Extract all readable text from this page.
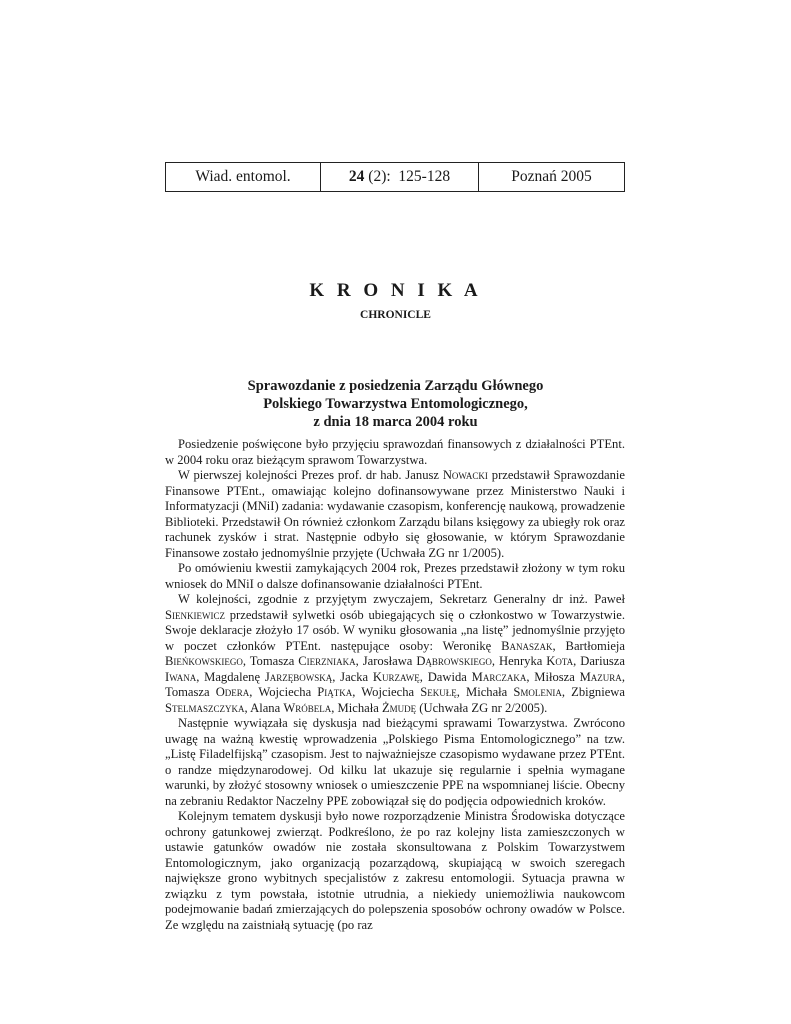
Wiad. entomol.	24 (2):  125-128	Poznań 2005
K R O N I K A
CHRONICLE
Sprawozdanie z posiedzenia Zarządu Głównego
Polskiego Towarzystwa Entomologicznego,
z dnia 18 marca 2004 roku

Posiedzenie poświęcone było przyjęciu sprawozdań finansowych z działalności PTEnt. w 2004 roku oraz bieżącym sprawom Towarzystwa.

W pierwszej kolejności Prezes prof. dr hab. Janusz Nowacki przedstawił Sprawozdanie Finansowe PTEnt., omawiając kolejno dofinansowywane przez Ministerstwo Nauki i Informatyzacji (MNiI) zadania: wydawanie czasopism, konferencję naukową, prowadzenie Biblioteki. Przedstawił On również członkom Zarządu bilans księgowy za ubiegły rok oraz rachunek zysków i strat. Następnie odbyło się głosowanie, w którym Sprawozdanie Finansowe zostało jednomyślnie przyjęte (Uchwała ZG nr 1/2005).

Po omówieniu kwestii zamykających 2004 rok, Prezes przedstawił złożony w tym roku wniosek do MNiI o dalsze dofinansowanie działalności PTEnt.

W kolejności, zgodnie z przyjętym zwyczajem, Sekretarz Generalny dr inż. Paweł Sienkiewicz przedstawił sylwetki osób ubiegających się o członkostwo w Towarzystwie. Swoje deklaracje złożyło 17 osób. W wyniku głosowania „na listę” jednomyślnie przyjęto w poczet członków PTEnt. następujące osoby: Weronikę Banaszak, Bartłomieja Bieńkowskiego, Tomasza Cierzniaka, Jarosława Dąbrowskiego, Henryka Kota, Dariusza Iwana, Magdalenę Jarzębowską, Jacka Kurzawę, Dawida Marczaka, Miłosza Mazura, Tomasza Odera, Wojciecha Piątka, Wojciecha Sekułę, Michała Smolenia, Zbigniewa Stelmaszczyka, Alana Wróbela, Michała Żmudę (Uchwała ZG nr 2/2005).

Następnie wywiązała się dyskusja nad bieżącymi sprawami Towarzystwa. Zwrócono uwagę na ważną kwestię wprowadzenia „Polskiego Pisma Entomologicznego” na tzw. „Listę Filadelfijską” czasopism. Jest to najważniejsze czasopismo wydawane przez PTEnt. o randze międzynarodowej. Od kilku lat ukazuje się regularnie i spełnia wymagane warunki, by złożyć stosowny wniosek o umieszczenie PPE na wspomnianej liście. Obecny na zebraniu Redaktor Naczelny PPE zobowiązał się do podjęcia odpowiednich kroków.

Kolejnym tematem dyskusji było nowe rozporządzenie Ministra Środowiska dotyczące ochrony gatunkowej zwierząt. Podkreślono, że po raz kolejny lista zamieszczonych w ustawie gatunków owadów nie została skonsultowana z Polskim Towarzystwem Entomologicznym, jako organizacją pozarządową, skupiającą w swoich szeregach największe grono wybitnych specjalistów z zakresu entomologii. Sytuacja prawna w związku z tym powstała, istotnie utrudnia, a niekiedy uniemożliwia naukowcom podejmowanie badań zmierzających do polepszenia sposobów ochrony owadów w Polsce. Ze względu na zaistniałą sytuację (po raz
